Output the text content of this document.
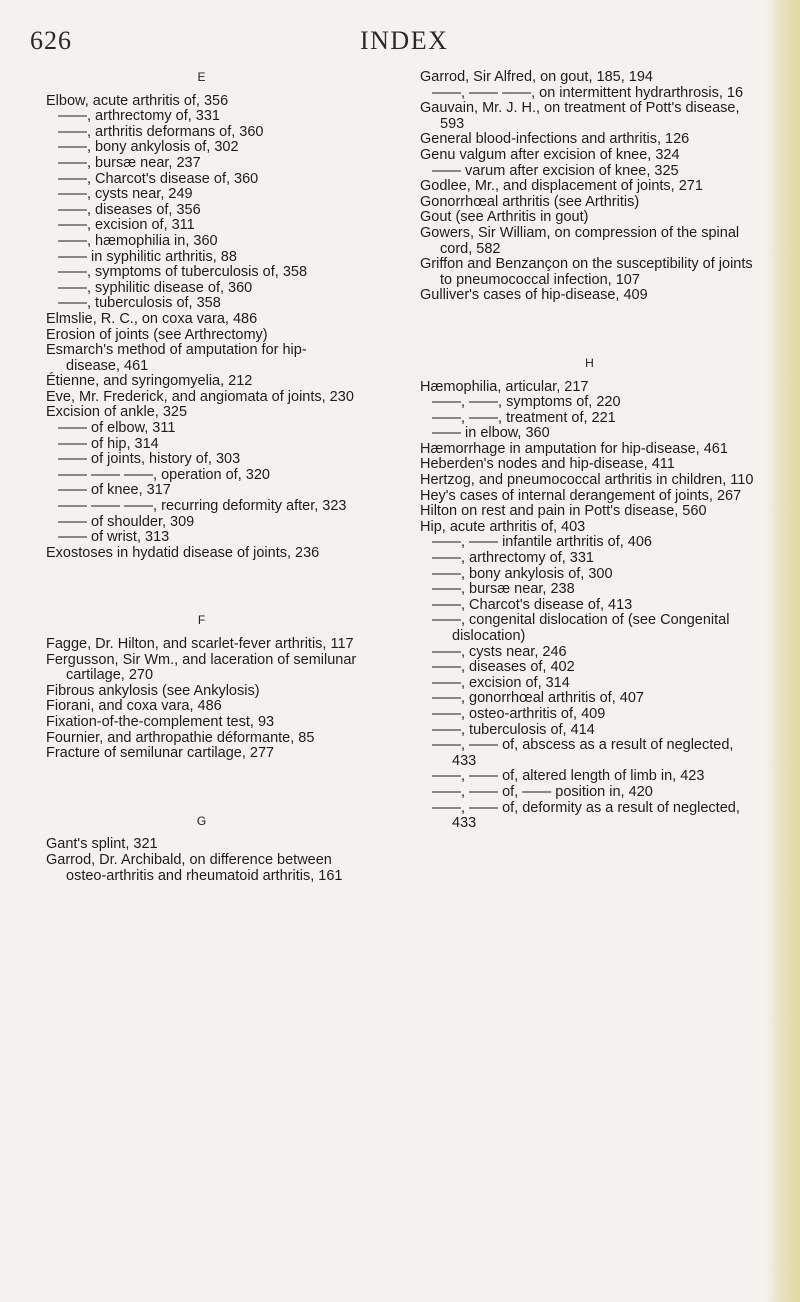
626	INDEX
E

Elbow, acute arthritis of, 356

——, arthrectomy of, 331

——, arthritis deformans of, 360

——, bony ankylosis of, 302

——, bursæ near, 237

——, Charcot's disease of, 360

——, cysts near, 249

——, diseases of, 356

——, excision of, 311

——, hæmophilia in, 360

—— in syphilitic arthritis, 88

——, symptoms of tuberculosis of, 358

——, syphilitic disease of, 360

——, tuberculosis of, 358

Elmslie, R. C., on coxa vara, 486

Erosion of joints (see Arthrectomy)

Esmarch's method of amputation for hip-disease, 461

Étienne, and syringomyelia, 212

Eve, Mr. Frederick, and angiomata of joints, 230

Excision of ankle, 325

—— of elbow, 311

—— of hip, 314

—— of joints, history of, 303

—— —— ——, operation of, 320

—— of knee, 317

—— —— ——, recurring deformity after, 323

—— of shoulder, 309

—— of wrist, 313

Exostoses in hydatid disease of joints, 236

F

Fagge, Dr. Hilton, and scarlet-fever arthritis, 117

Fergusson, Sir Wm., and laceration of semilunar cartilage, 270

Fibrous ankylosis (see Ankylosis)

Fiorani, and coxa vara, 486

Fixation-of-the-complement test, 93

Fournier, and arthropathie déformante, 85

Fracture of semilunar cartilage, 277

G

Gant's splint, 321

Garrod, Dr. Archibald, on difference between osteo-arthritis and rheumatoid arthritis, 161

Garrod, Sir Alfred, on gout, 185, 194

——, —— ——, on intermittent hydrarthrosis, 16

Gauvain, Mr. J. H., on treatment of Pott's disease, 593

General blood-infections and arthritis, 126

Genu valgum after excision of knee, 324

—— varum after excision of knee, 325

Godlee, Mr., and displacement of joints, 271

Gonorrhœal arthritis (see Arthritis)

Gout (see Arthritis in gout)

Gowers, Sir William, on compression of the spinal cord, 582

Griffon and Benzançon on the susceptibility of joints to pneumococcal infection, 107

Gulliver's cases of hip-disease, 409

H

Hæmophilia, articular, 217

——, ——, symptoms of, 220

——, ——, treatment of, 221

—— in elbow, 360

Hæmorrhage in amputation for hip-disease, 461

Heberden's nodes and hip-disease, 411

Hertzog, and pneumococcal arthritis in children, 110

Hey's cases of internal derangement of joints, 267

Hilton on rest and pain in Pott's disease, 560

Hip, acute arthritis of, 403

——, —— infantile arthritis of, 406

——, arthrectomy of, 331

——, bony ankylosis of, 300

——, bursæ near, 238

——, Charcot's disease of, 413

——, congenital dislocation of (see Congenital dislocation)

——, cysts near, 246

——, diseases of, 402

——, excision of, 314

——, gonorrhœal arthritis of, 407

——, osteo-arthritis of, 409

——, tuberculosis of, 414

——, —— of, abscess as a result of neglected, 433

——, —— of, altered length of limb in, 423

——, —— of, —— position in, 420

——, —— of, deformity as a result of neglected, 433
